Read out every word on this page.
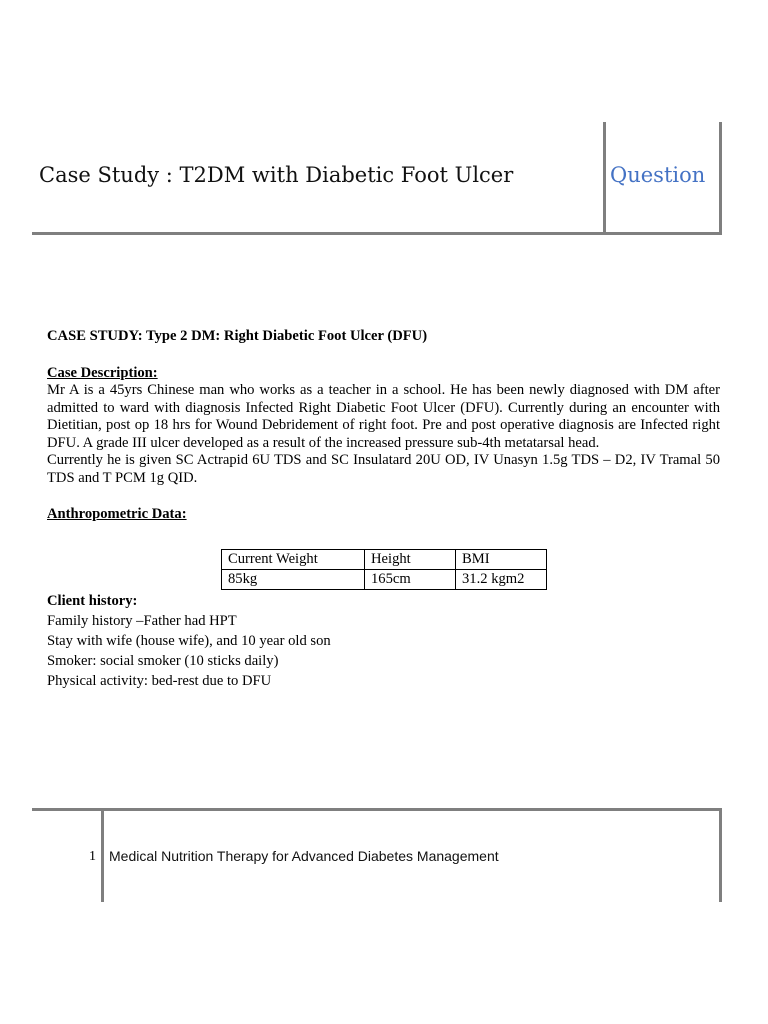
Case Study : T2DM with Diabetic Foot Ulcer	Question

CASE STUDY: Type 2 DM: Right Diabetic Foot Ulcer (DFU)

Case Description:

Mr A is a 45yrs Chinese man who works as a teacher in a school. He has been newly diagnosed with DM after admitted to ward with diagnosis Infected Right Diabetic Foot Ulcer (DFU). Currently during an encounter with Dietitian, post op 18 hrs for Wound Debridement of right foot. Pre and post operative diagnosis are Infected right DFU. A grade III ulcer developed as a result of the increased pressure sub-4th metatarsal head.

Currently he is given SC Actrapid 6U TDS and SC Insulatard 20U OD, IV Unasyn 1.5g TDS – D2, IV Tramal 50 TDS and T PCM 1g QID.

Anthropometric Data:

Current Weight	Height	BMI
85kg	165cm	31.2 kgm2

Client history:

Family history –Father had HPT

Stay with wife (house wife), and 10 year old son

Smoker: social smoker (10 sticks daily)

Physical activity: bed-rest due to DFU

1 Medical Nutrition Therapy for Advanced Diabetes Management
